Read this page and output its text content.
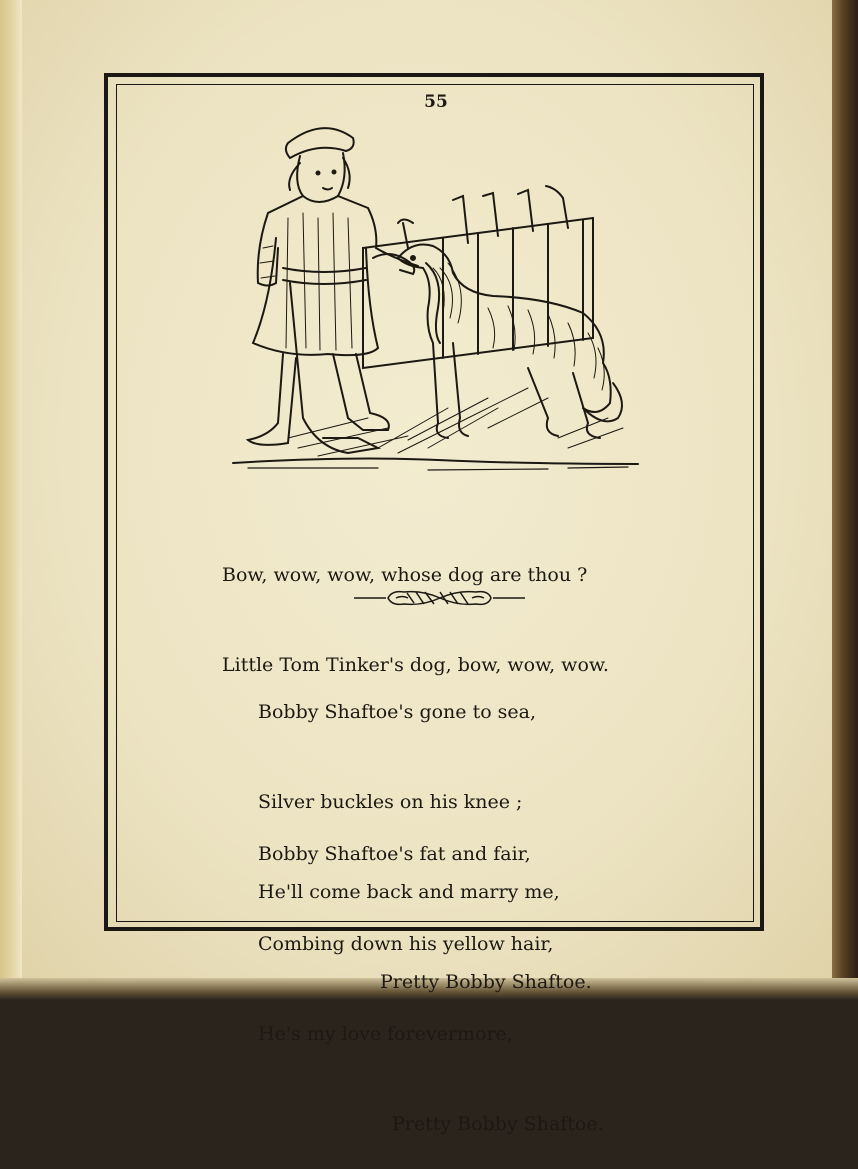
55

Bow, wow, wow, whose dog are thou ?

Little Tom Tinker's dog, bow, wow, wow.

Bobby Shaftoe's gone to sea,

Silver buckles on his knee ;

He'll come back and marry me,

Pretty Bobby Shaftoe.

Bobby Shaftoe's fat and fair,

Combing down his yellow hair,

He's my love forevermore,

Pretty Bobby Shaftoe.
